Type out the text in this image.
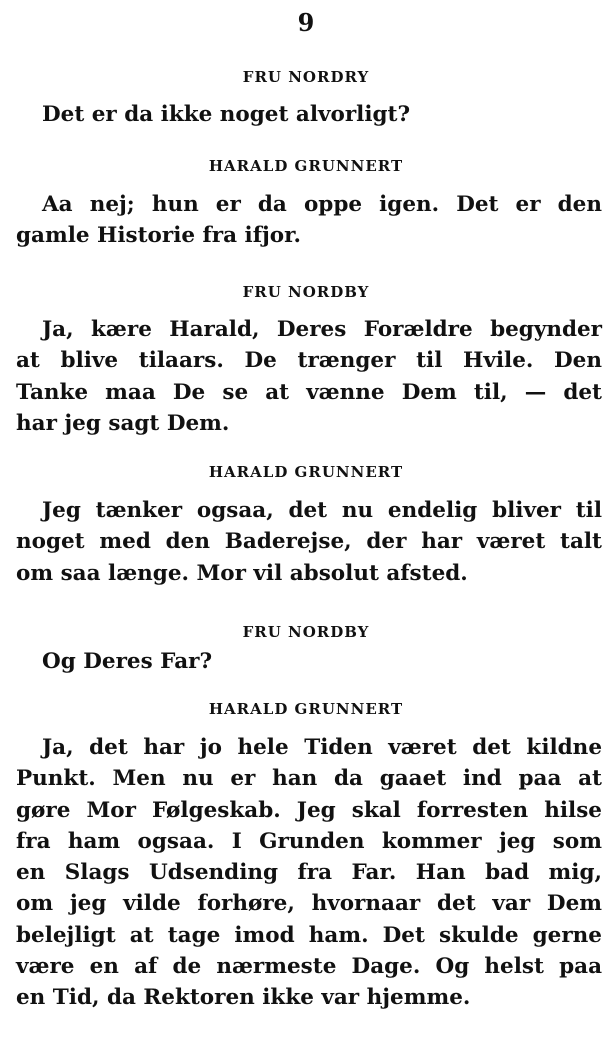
9
FRU NORDRY
Det er da ikke noget alvorligt?
HARALD GRUNNERT
Aa nej; hun er da oppe igen. Det er den
gamle Historie fra ifjor.
FRU NORDBY
Ja, kære Harald, Deres Forældre begynder
at blive tilaars. De trænger til Hvile. Den
Tanke maa De se at vænne Dem til, — det
har jeg sagt Dem.
HARALD GRUNNERT
Jeg tænker ogsaa, det nu endelig bliver til
noget med den Baderejse, der har været talt
om saa længe. Mor vil absolut afsted.
FRU NORDBY
Og Deres Far?
HARALD GRUNNERT
Ja, det har jo hele Tiden været det kildne
Punkt. Men nu er han da gaaet ind paa at
gøre Mor Følgeskab. Jeg skal forresten hilse
fra ham ogsaa. I Grunden kommer jeg som
en Slags Udsending fra Far. Han bad mig,
om jeg vilde forhøre, hvornaar det var Dem
belejligt at tage imod ham. Det skulde gerne
være en af de nærmeste Dage. Og helst paa
en Tid, da Rektoren ikke var hjemme.
